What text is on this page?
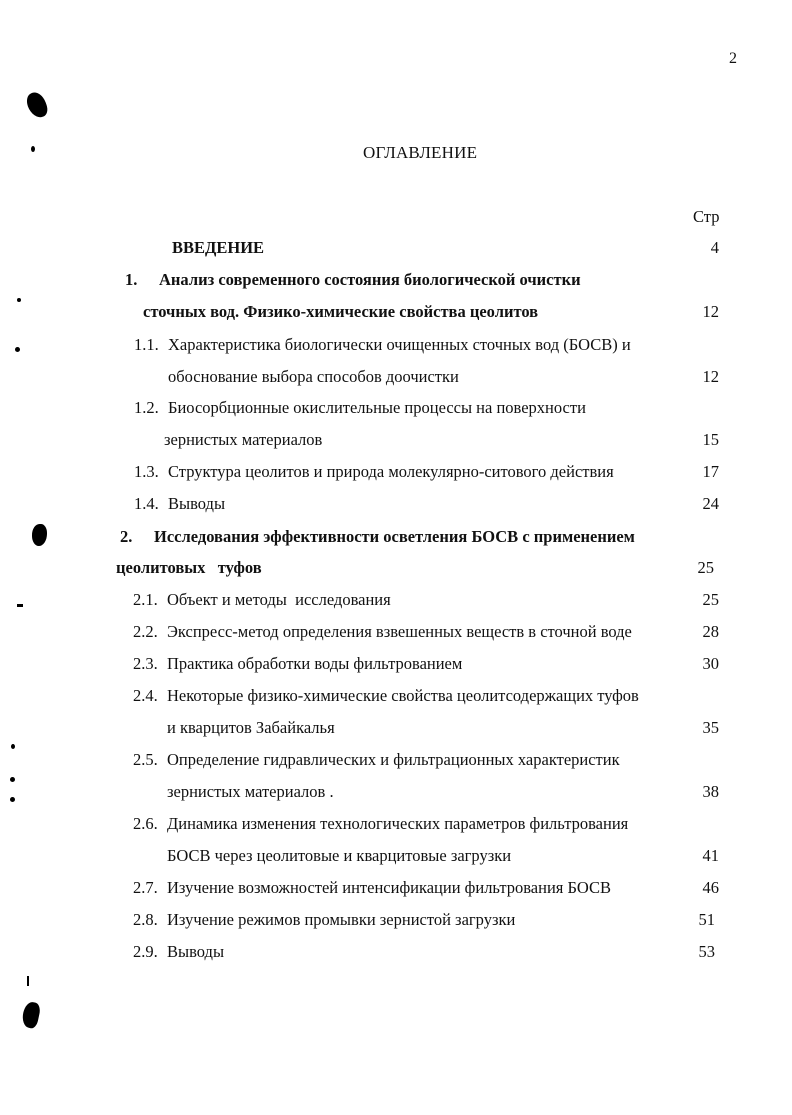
2
ОГЛАВЛЕНИЕ
Стр
ВВЕДЕНИЕ	4
1. Анализ современного состояния биологической очистки
сточных вод. Физико-химические свойства цеолитов	12
1.1. Характеристика биологически очищенных сточных вод (БОСВ) и
обоснование выбора способов доочистки	12
1.2. Биосорбционные окислительные процессы на поверхности
зернистых материалов	15
1.3. Структура цеолитов и природа молекулярно-ситового действия	17
1.4. Выводы	24
2. Исследования эффективности осветления БОСВ с применением
цеолитовых   туфов	25
2.1. Объект и методы  исследования	25
2.2. Экспресс-метод определения взвешенных веществ в сточной воде	28
2.3. Практика обработки воды фильтрованием	30
2.4. Некоторые физико-химические свойства цеолитсодержащих туфов
и кварцитов Забайкалья	35
2.5. Определение гидравлических и фильтрационных характеристик
зернистых материалов .	38
2.6. Динамика изменения технологических параметров фильтрования
БОСВ через цеолитовые и кварцитовые загрузки	41
2.7. Изучение возможностей интенсификации фильтрования БОСВ	46
2.8. Изучение режимов промывки зернистой загрузки	51
2.9. Выводы	53
